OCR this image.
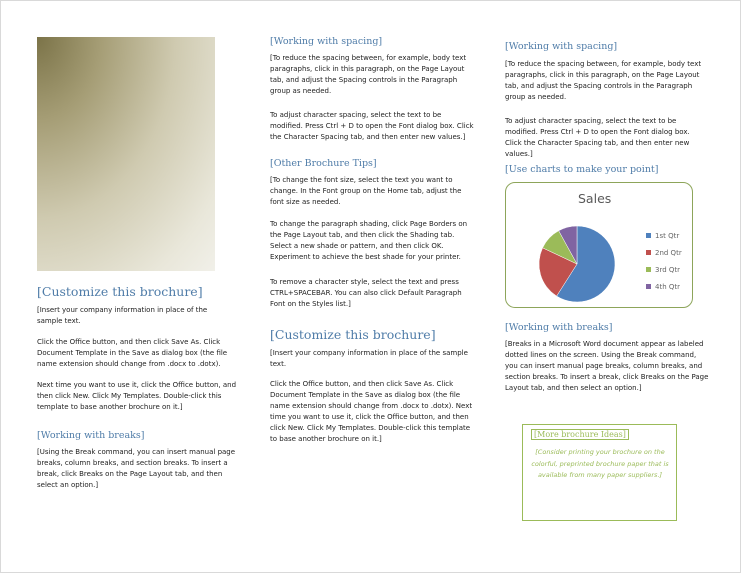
[Customize this brochure]

[Insert your company information in place of the sample text.

Click the Office button, and then click Save As. Click Document Template in the Save as dialog box (the file name extension should change from .docx to .dotx).

Next time you want to use it, click the Office button, and then click New. Click My Templates. Double-click this template to base another brochure on it.]

[Working with breaks]

[Using the Break command, you can insert manual page breaks, column breaks, and section breaks. To insert a break, click Breaks on the Page Layout tab, and then select an option.]

[Working with spacing]

[To reduce the spacing between, for example, body text paragraphs, click in this paragraph, on the Page Layout tab, and adjust the Spacing controls in the Paragraph group as needed.

To adjust character spacing, select the text to be modified. Press Ctrl + D to open the Font dialog box. Click the Character Spacing tab, and then enter new values.]

[Other Brochure Tips]

[To change the font size, select the text you want to change. In the Font group on the Home tab, adjust the font size as needed.

To change the paragraph shading, click Page Borders on the Page Layout tab, and then click the Shading tab. Select a new shade or pattern, and then click OK. Experiment to achieve the best shade for your printer.

To remove a character style, select the text and press CTRL+SPACEBAR. You can also click Default Paragraph Font on the Styles list.]

[Customize this brochure]

[Insert your company information in place of the sample text.

Click the Office button, and then click Save As. Click Document Template in the Save as dialog box (the file name extension should change from .docx to .dotx). Next time you want to use it, click the Office button, and then click New. Click My Templates. Double-click this template to base another brochure on it.]

[Working with spacing]

[To reduce the spacing between, for example, body text paragraphs, click in this paragraph, on the Page Layout tab, and adjust the Spacing controls in the Paragraph group as needed.

To adjust character spacing, select the text to be modified. Press Ctrl + D to open the Font dialog box. Click the Character Spacing tab, and then enter new values.]

[Use charts to make your point]
Sales
1st Qtr
2nd Qtr
3rd Qtr
4th Qtr
[Working with breaks]

[Breaks in a Microsoft Word document appear as labeled dotted lines on the screen. Using the Break command, you can insert manual page breaks, column breaks, and section breaks. To insert a break, click Breaks on the Page Layout tab, and then select an option.]

[More brochure Ideas]

[Consider printing your brochure on the colorful, preprinted brochure paper that is available from many paper suppliers.]
